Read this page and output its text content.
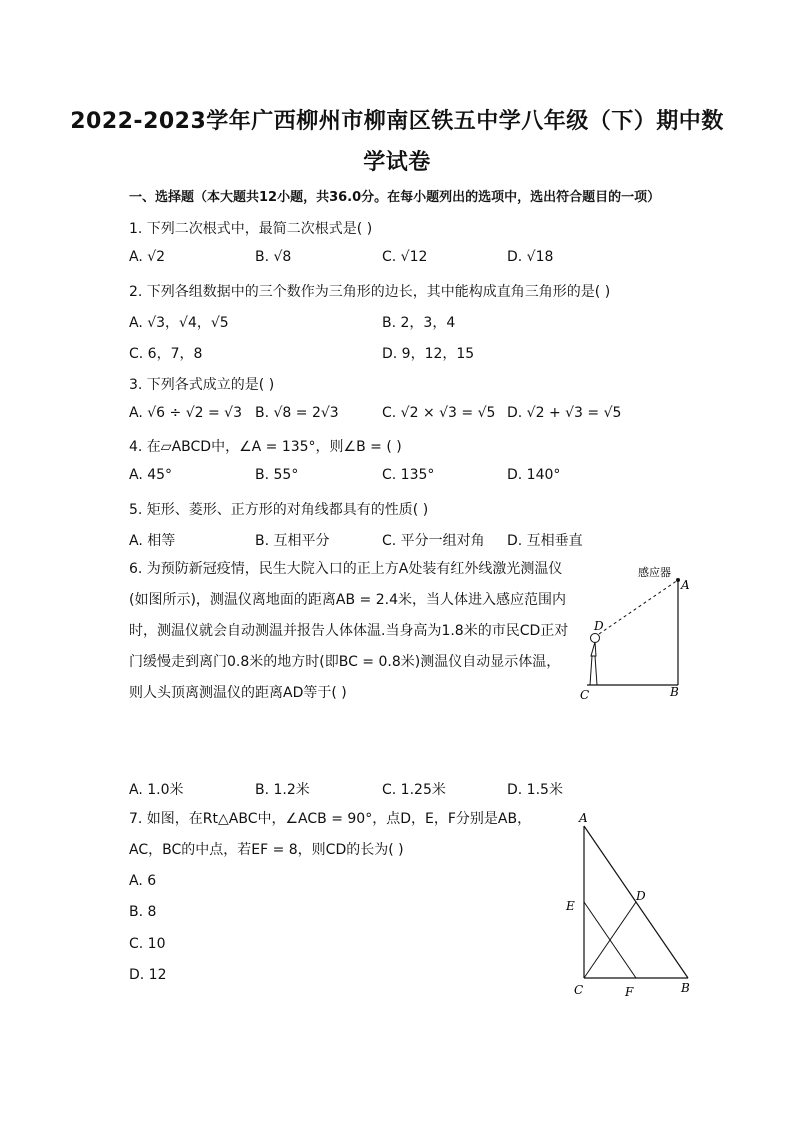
2022-2023学年广西柳州市柳南区铁五中学八年级（下）期中数
学试卷
一、选择题（本大题共12小题，共36.0分。在每小题列出的选项中，选出符合题目的一项）
1. 下列二次根式中，最简二次根式是( )
A. √2	B. √8	C. √12	D. √18
2. 下列各组数据中的三个数作为三角形的边长，其中能构成直角三角形的是( )
A. √3，√4，√5	B. 2，3，4
C. 6，7，8	D. 9，12，15
3. 下列各式成立的是( )
A. √6 ÷ √2 = √3 B. √8 = 2√3	C. √2 × √3 = √5 D. √2 + √3 = √5
4. 在▱ABCD中，∠A = 135°，则∠B = ( )
A. 45°	B. 55°	C. 135°	D. 140°
5. 矩形、菱形、正方形的对角线都具有的性质( )
A. 相等	B. 互相平分	C. 平分一组对角 D. 互相垂直
6. 为预防新冠疫情，民生大院入口的正上方A处装有红外线激光测温仪(如图所示)，测温仪离地面的距离AB = 2.4米，当人体进入感应范围内时，测温仪就会自动测温并报告人体体温.当身高为1.8米的市民CD正对门缓慢走到离门0.8米的地方时(即BC = 0.8米)测温仪自动显示体温，则人头顶离测温仪的距离AD等于( )
感应器
A
B
C
D
A. 1.0米	B. 1.2米	C. 1.25米	D. 1.5米
7. 如图，在Rt△ABC中，∠ACB = 90°，点D，E，F分别是AB，AC，BC的中点，若EF = 8，则CD的长为( )
A. 6
B. 8
C. 10
D. 12
A
B
C
D
E
F
